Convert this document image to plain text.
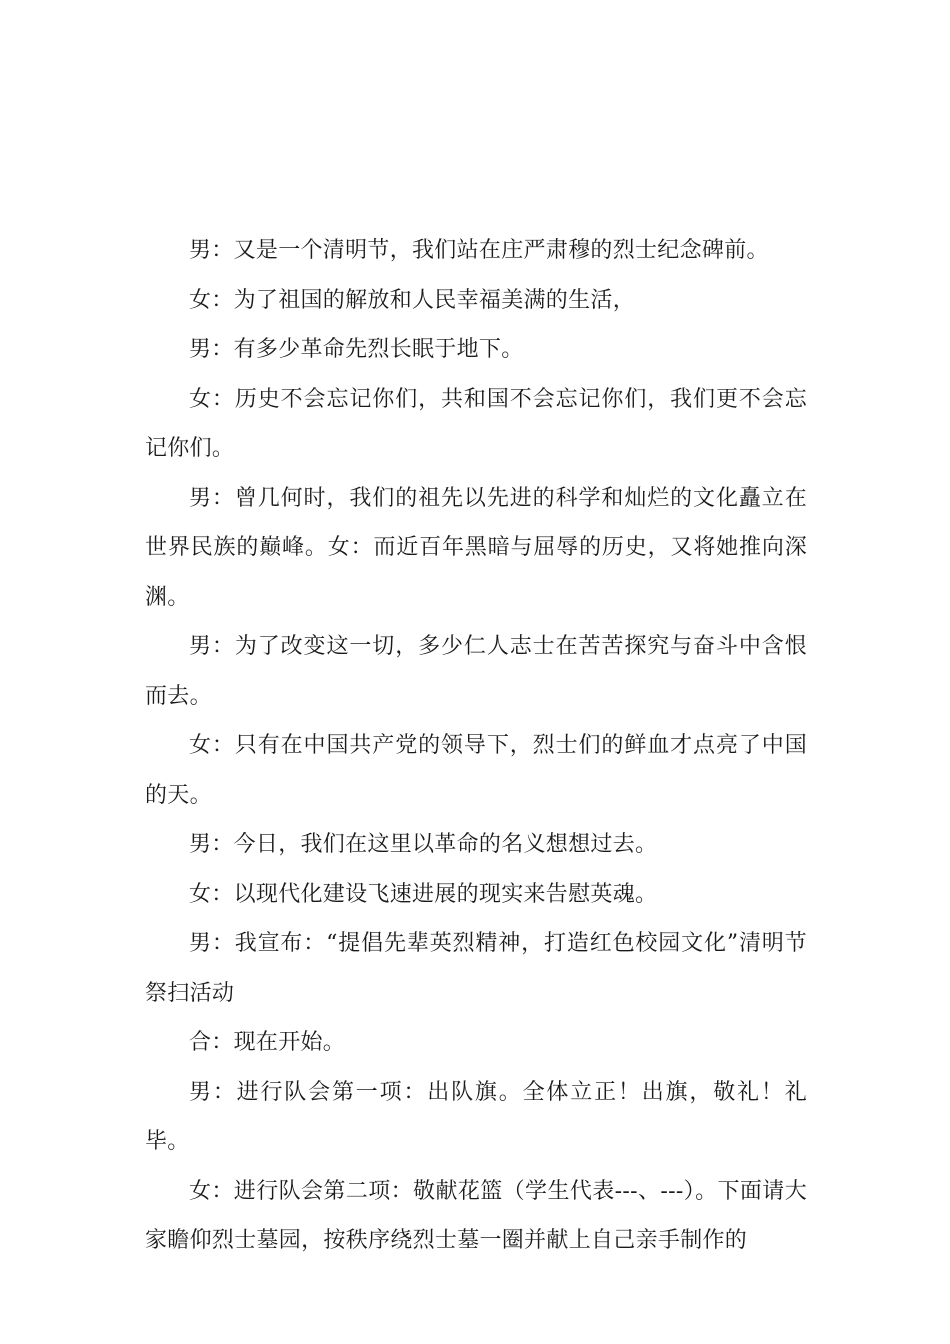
男：又是一个清明节，我们站在庄严肃穆的烈士纪念碑前。

女：为了祖国的解放和人民幸福美满的生活，

男：有多少革命先烈长眠于地下。

女：历史不会忘记你们，共和国不会忘记你们，我们更不会忘记你们。

男：曾几何时，我们的祖先以先进的科学和灿烂的文化矗立在世界民族的巅峰。女：而近百年黑暗与屈辱的历史，又将她推向深渊。

男：为了改变这一切，多少仁人志士在苦苦探究与奋斗中含恨而去。

女：只有在中国共产党的领导下，烈士们的鲜血才点亮了中国的天。

男：今日，我们在这里以革命的名义想想过去。

女：以现代化建设飞速进展的现实来告慰英魂。

男：我宣布：“提倡先辈英烈精神，打造红色校园文化”清明节祭扫活动

合：现在开始。

男：进行队会第一项：出队旗。全体立正！出旗，敬礼！礼毕。

女：进行队会第二项：敬献花篮（学生代表---、---）。下面请大家瞻仰烈士墓园，按秩序绕烈士墓一圈并献上自己亲手制作的
